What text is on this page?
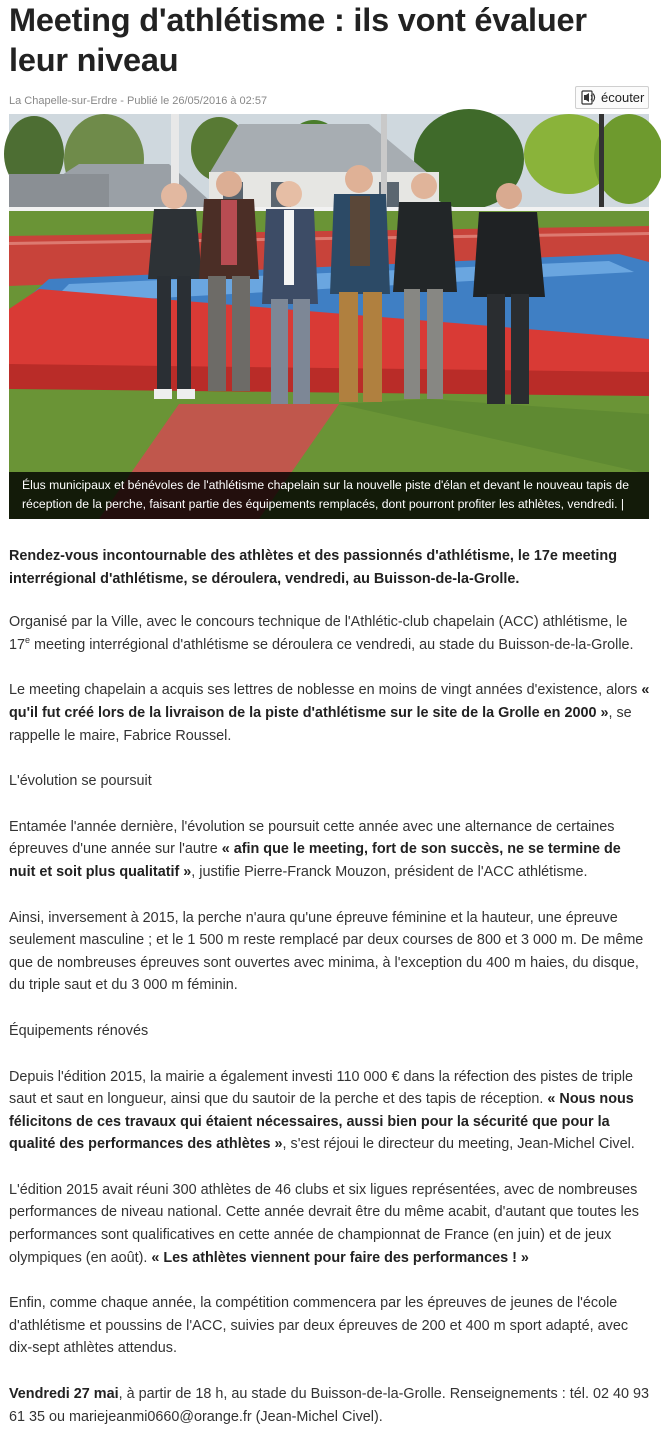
Meeting d'athlétisme : ils vont évaluer leur niveau
La Chapelle-sur-Erdre - Publié le 26/05/2016 à 02:57	écouter
Élus municipaux et bénévoles de l'athlétisme chapelain sur la nouvelle piste d'élan et devant le nouveau tapis de réception de la perche, faisant partie des équipements remplacés, dont pourront profiter les athlètes, vendredi. |

Rendez-vous incontournable des athlètes et des passionnés d'athlétisme, le 17e meeting interrégional d'athlétisme, se déroulera, vendredi, au Buisson-de-la-Grolle.

Organisé par la Ville, avec le concours technique de l'Athlétic-club chapelain (ACC) athlétisme, le 17e meeting interrégional d'athlétisme se déroulera ce vendredi, au stade du Buisson-de-la-Grolle.

Le meeting chapelain a acquis ses lettres de noblesse en moins de vingt années d'existence, alors « qu'il fut créé lors de la livraison de la piste d'athlétisme sur le site de la Grolle en 2000 », se rappelle le maire, Fabrice Roussel.

L'évolution se poursuit

Entamée l'année dernière, l'évolution se poursuit cette année avec une alternance de certaines épreuves d'une année sur l'autre « afin que le meeting, fort de son succès, ne se termine de nuit et soit plus qualitatif », justifie Pierre-Franck Mouzon, président de l'ACC athlétisme.

Ainsi, inversement à 2015, la perche n'aura qu'une épreuve féminine et la hauteur, une épreuve seulement masculine ; et le 1 500 m reste remplacé par deux courses de 800 et 3 000 m. De même que de nombreuses épreuves sont ouvertes avec minima, à l'exception du 400 m haies, du disque, du triple saut et du 3 000 m féminin.

Équipements rénovés

Depuis l'édition 2015, la mairie a également investi 110 000 € dans la réfection des pistes de triple saut et saut en longueur, ainsi que du sautoir de la perche et des tapis de réception. « Nous nous félicitons de ces travaux qui étaient nécessaires, aussi bien pour la sécurité que pour la qualité des performances des athlètes », s'est réjoui le directeur du meeting, Jean-Michel Civel.

L'édition 2015 avait réuni 300 athlètes de 46 clubs et six ligues représentées, avec de nombreuses performances de niveau national. Cette année devrait être du même acabit, d'autant que toutes les performances sont qualificatives en cette année de championnat de France (en juin) et de jeux olympiques (en août). « Les athlètes viennent pour faire des performances ! »

Enfin, comme chaque année, la compétition commencera par les épreuves de jeunes de l'école d'athlétisme et poussins de l'ACC, suivies par deux épreuves de 200 et 400 m sport adapté, avec dix-sept athlètes attendus.

Vendredi 27 mai, à partir de 18 h, au stade du Buisson-de-la-Grolle. Renseignements : tél. 02 40 93 61 35 ou mariejeanmi0660@orange.fr (Jean-Michel Civel).
